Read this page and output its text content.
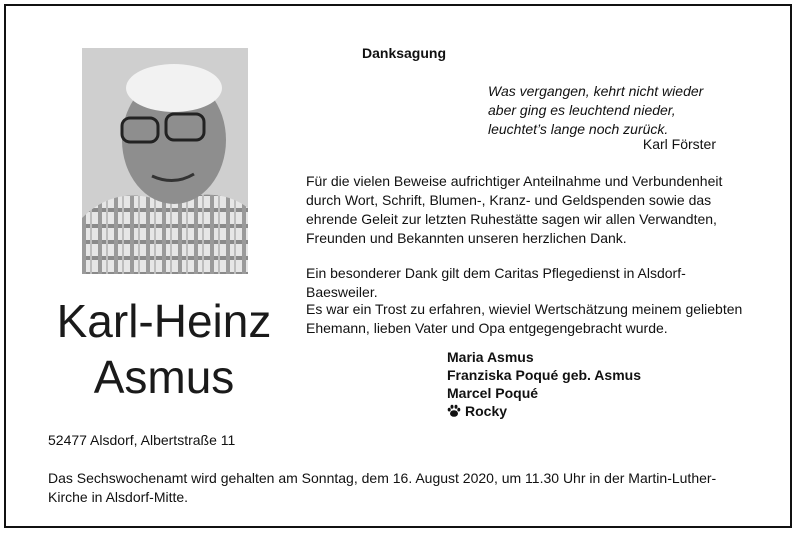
Karl-Heinz
Asmus
52477 Alsdorf, Albertstraße 11
Danksagung
Was vergangen, kehrt nicht wieder
aber ging es leuchtend nieder,
leuchtet’s lange noch zurück.
Karl Förster
Für die vielen Beweise aufrichtiger Anteilnahme und Verbundenheit
durch Wort, Schrift, Blumen-, Kranz- und Geldspenden sowie das
ehrende Geleit zur letzten Ruhestätte sagen wir allen Verwandten,
Freunden und Bekannten unseren herzlichen Dank.
Ein besonderer Dank gilt dem Caritas Pflegedienst in Alsdorf-
Baesweiler.
Es war ein Trost zu erfahren, wieviel Wertschätzung meinem geliebten
Ehemann, lieben Vater und Opa entgegengebracht wurde.
Maria Asmus
Franziska Poqué geb. Asmus
Marcel Poqué
Rocky
Das Sechswochenamt wird gehalten am Sonntag, dem 16. August 2020, um 11.30 Uhr in der Martin-Luther-
Kirche in Alsdorf-Mitte.
